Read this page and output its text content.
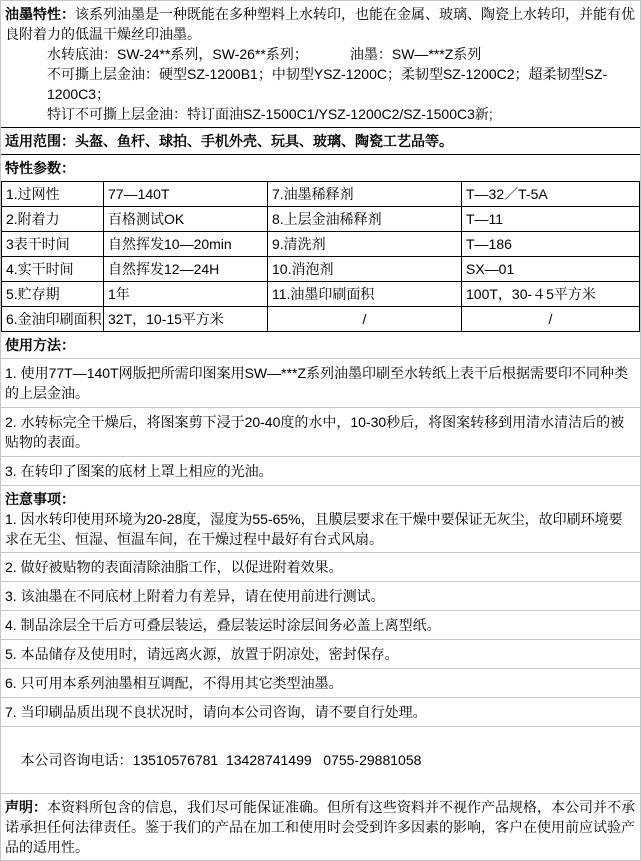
油墨特性：该系列油墨是一种既能在多种塑料上水转印，也能在金属、玻璃、陶瓷上水转印，并能有优良附着力的低温干燥丝印油墨。

水转底油：SW-24**系列，SW-26**系列；	油墨：SW—***Z系列

不可撕上层金油：硬型SZ-1200B1；中韧型YSZ-1200C；柔韧型SZ-1200C2；超柔韧型SZ-1200C3；

特订不可撕上层金油：特订面油SZ-1500C1/YSZ-1200C2/SZ-1500C3新;

适用范围：头盔、鱼杆、球拍、手机外壳、玩具、玻璃、陶瓷工艺品等。
特性参数：
1.过网性	77—140T	7.油墨稀释剂	T—32／T-5A
2.附着力	百格测试OK	8.上层金油稀释剂	T—11
3表干时间	自然挥发10—20min	9.清洗剂	T—186
4.实干时间	自然挥发12—24H	10.消泡剂	SX—01
5.贮存期	1年	11.油墨印刷面积	100T，30-４5平方米
6.金油印刷面积	32T，10-15平方米	/	/
使用方法：
1. 使用77T—140T网版把所需印图案用SW—***Z系列油墨印刷至水转纸上表干后根据需要印不同种类的上层金油。
2. 水转标完全干燥后，将图案剪下浸于20-40度的水中，10-30秒后，将图案转移到用清水清洁后的被贴物的表面。
3. 在转印了图案的底材上罩上相应的光油。

注意事项：

1. 因水转印使用环境为20-28度，湿度为55-65%，且膜层要求在干燥中要保证无灰尘，故印刷环境要求在无尘、恒湿、恒温车间，在干燥过程中最好有台式风扇。

2. 做好被贴物的表面清除油脂工作，以促进附着效果。
3. 该油墨在不同底材上附着力有差异，请在使用前进行测试。
4. 制品涂层全干后方可叠层装运，叠层装运时涂层间务必盖上离型纸。
5. 本品储存及使用时，请远离火源，放置于阴凉处，密封保存。
6. 只可用本系列油墨相互调配，不得用其它类型油墨。
7. 当印刷品质出现不良状况时，请向本公司咨询，请不要自行处理。

本公司咨询电话：13510576781  13428741499   0755-29881058

声明：本资料所包含的信息，我们尽可能保证准确。但所有这些资料并不视作产品规格，本公司并不承诺承担任何法律责任。鉴于我们的产品在加工和使用时会受到许多因素的影响，客户在使用前应试验产品的适用性。
